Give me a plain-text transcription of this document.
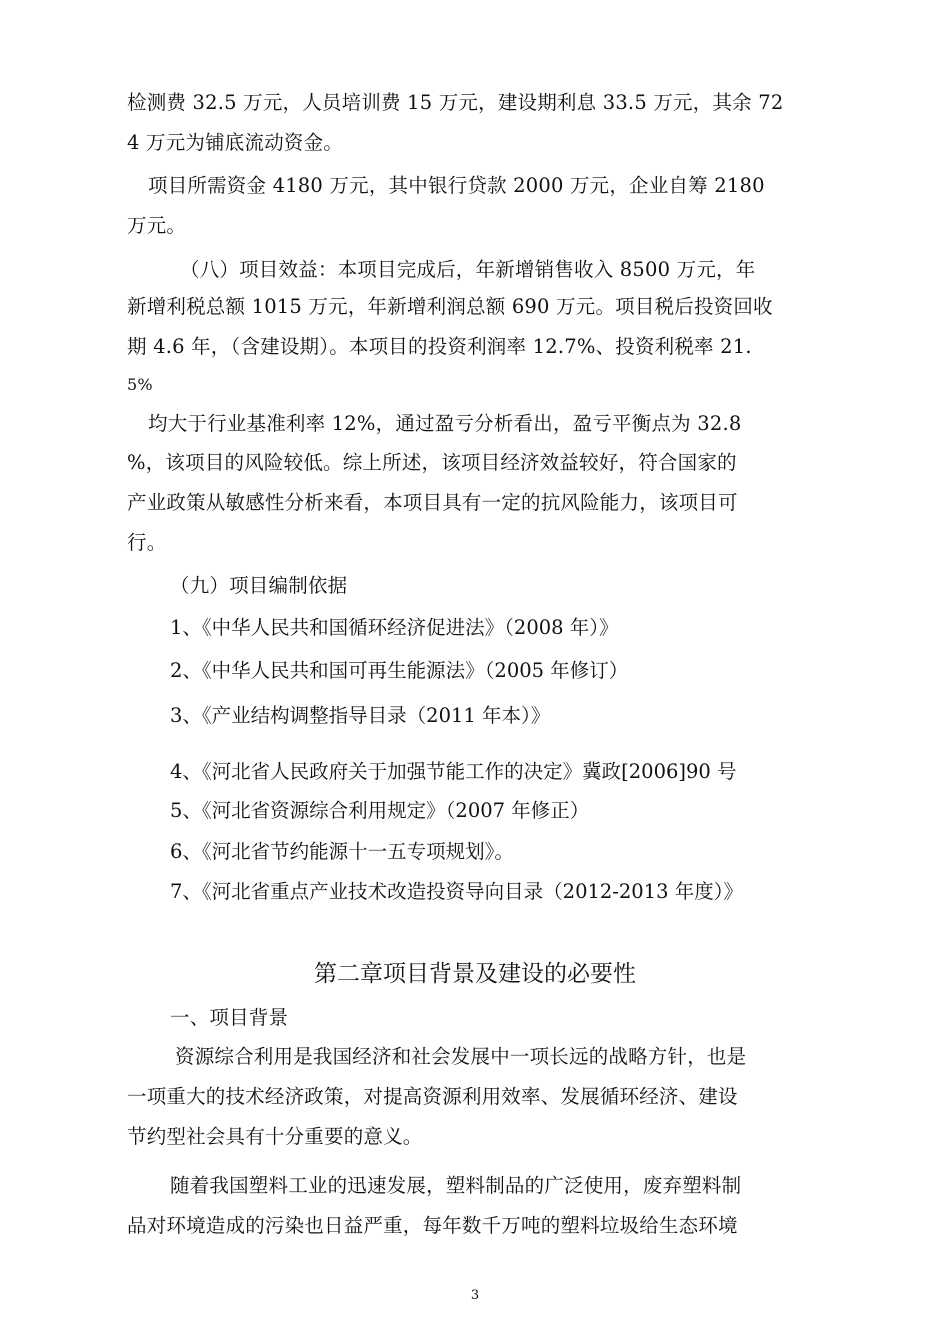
检测费 32.5 万元，人员培训费 15 万元，建设期利息 33.5 万元，其余 72
4 万元为铺底流动资金。
项目所需资金 4180 万元，其中银行贷款 2000 万元，企业自筹 2180
万元。
（八）项目效益：本项目完成后，年新增销售收入 8500 万元，年
新增利税总额 1015 万元，年新增利润总额 690 万元。项目税后投资回收
期 4.6 年，（含建设期）。本项目的投资利润率 12.7%、投资利税率 21.
5%
均大于行业基准利率 12%，通过盈亏分析看出，盈亏平衡点为 32.8
%，该项目的风险较低。综上所述，该项目经济效益较好，符合国家的
产业政策从敏感性分析来看，本项目具有一定的抗风险能力，该项目可
行。
（九）项目编制依据
1、《中华人民共和国循环经济促进法》（2008 年）》
2、《中华人民共和国可再生能源法》（2005 年修订）
3、《产业结构调整指导目录（2011 年本）》
4、《河北省人民政府关于加强节能工作的决定》冀政[2006]90 号
5、《河北省资源综合利用规定》（2007 年修正）
6、《河北省节约能源十一五专项规划》。
7、《河北省重点产业技术改造投资导向目录（2012-2013 年度）》
第二章项目背景及建设的必要性
一、项目背景
资源综合利用是我国经济和社会发展中一项长远的战略方针，也是
一项重大的技术经济政策，对提高资源利用效率、发展循环经济、建设
节约型社会具有十分重要的意义。
随着我国塑料工业的迅速发展，塑料制品的广泛使用，废弃塑料制
品对环境造成的污染也日益严重，每年数千万吨的塑料垃圾给生态环境
3
